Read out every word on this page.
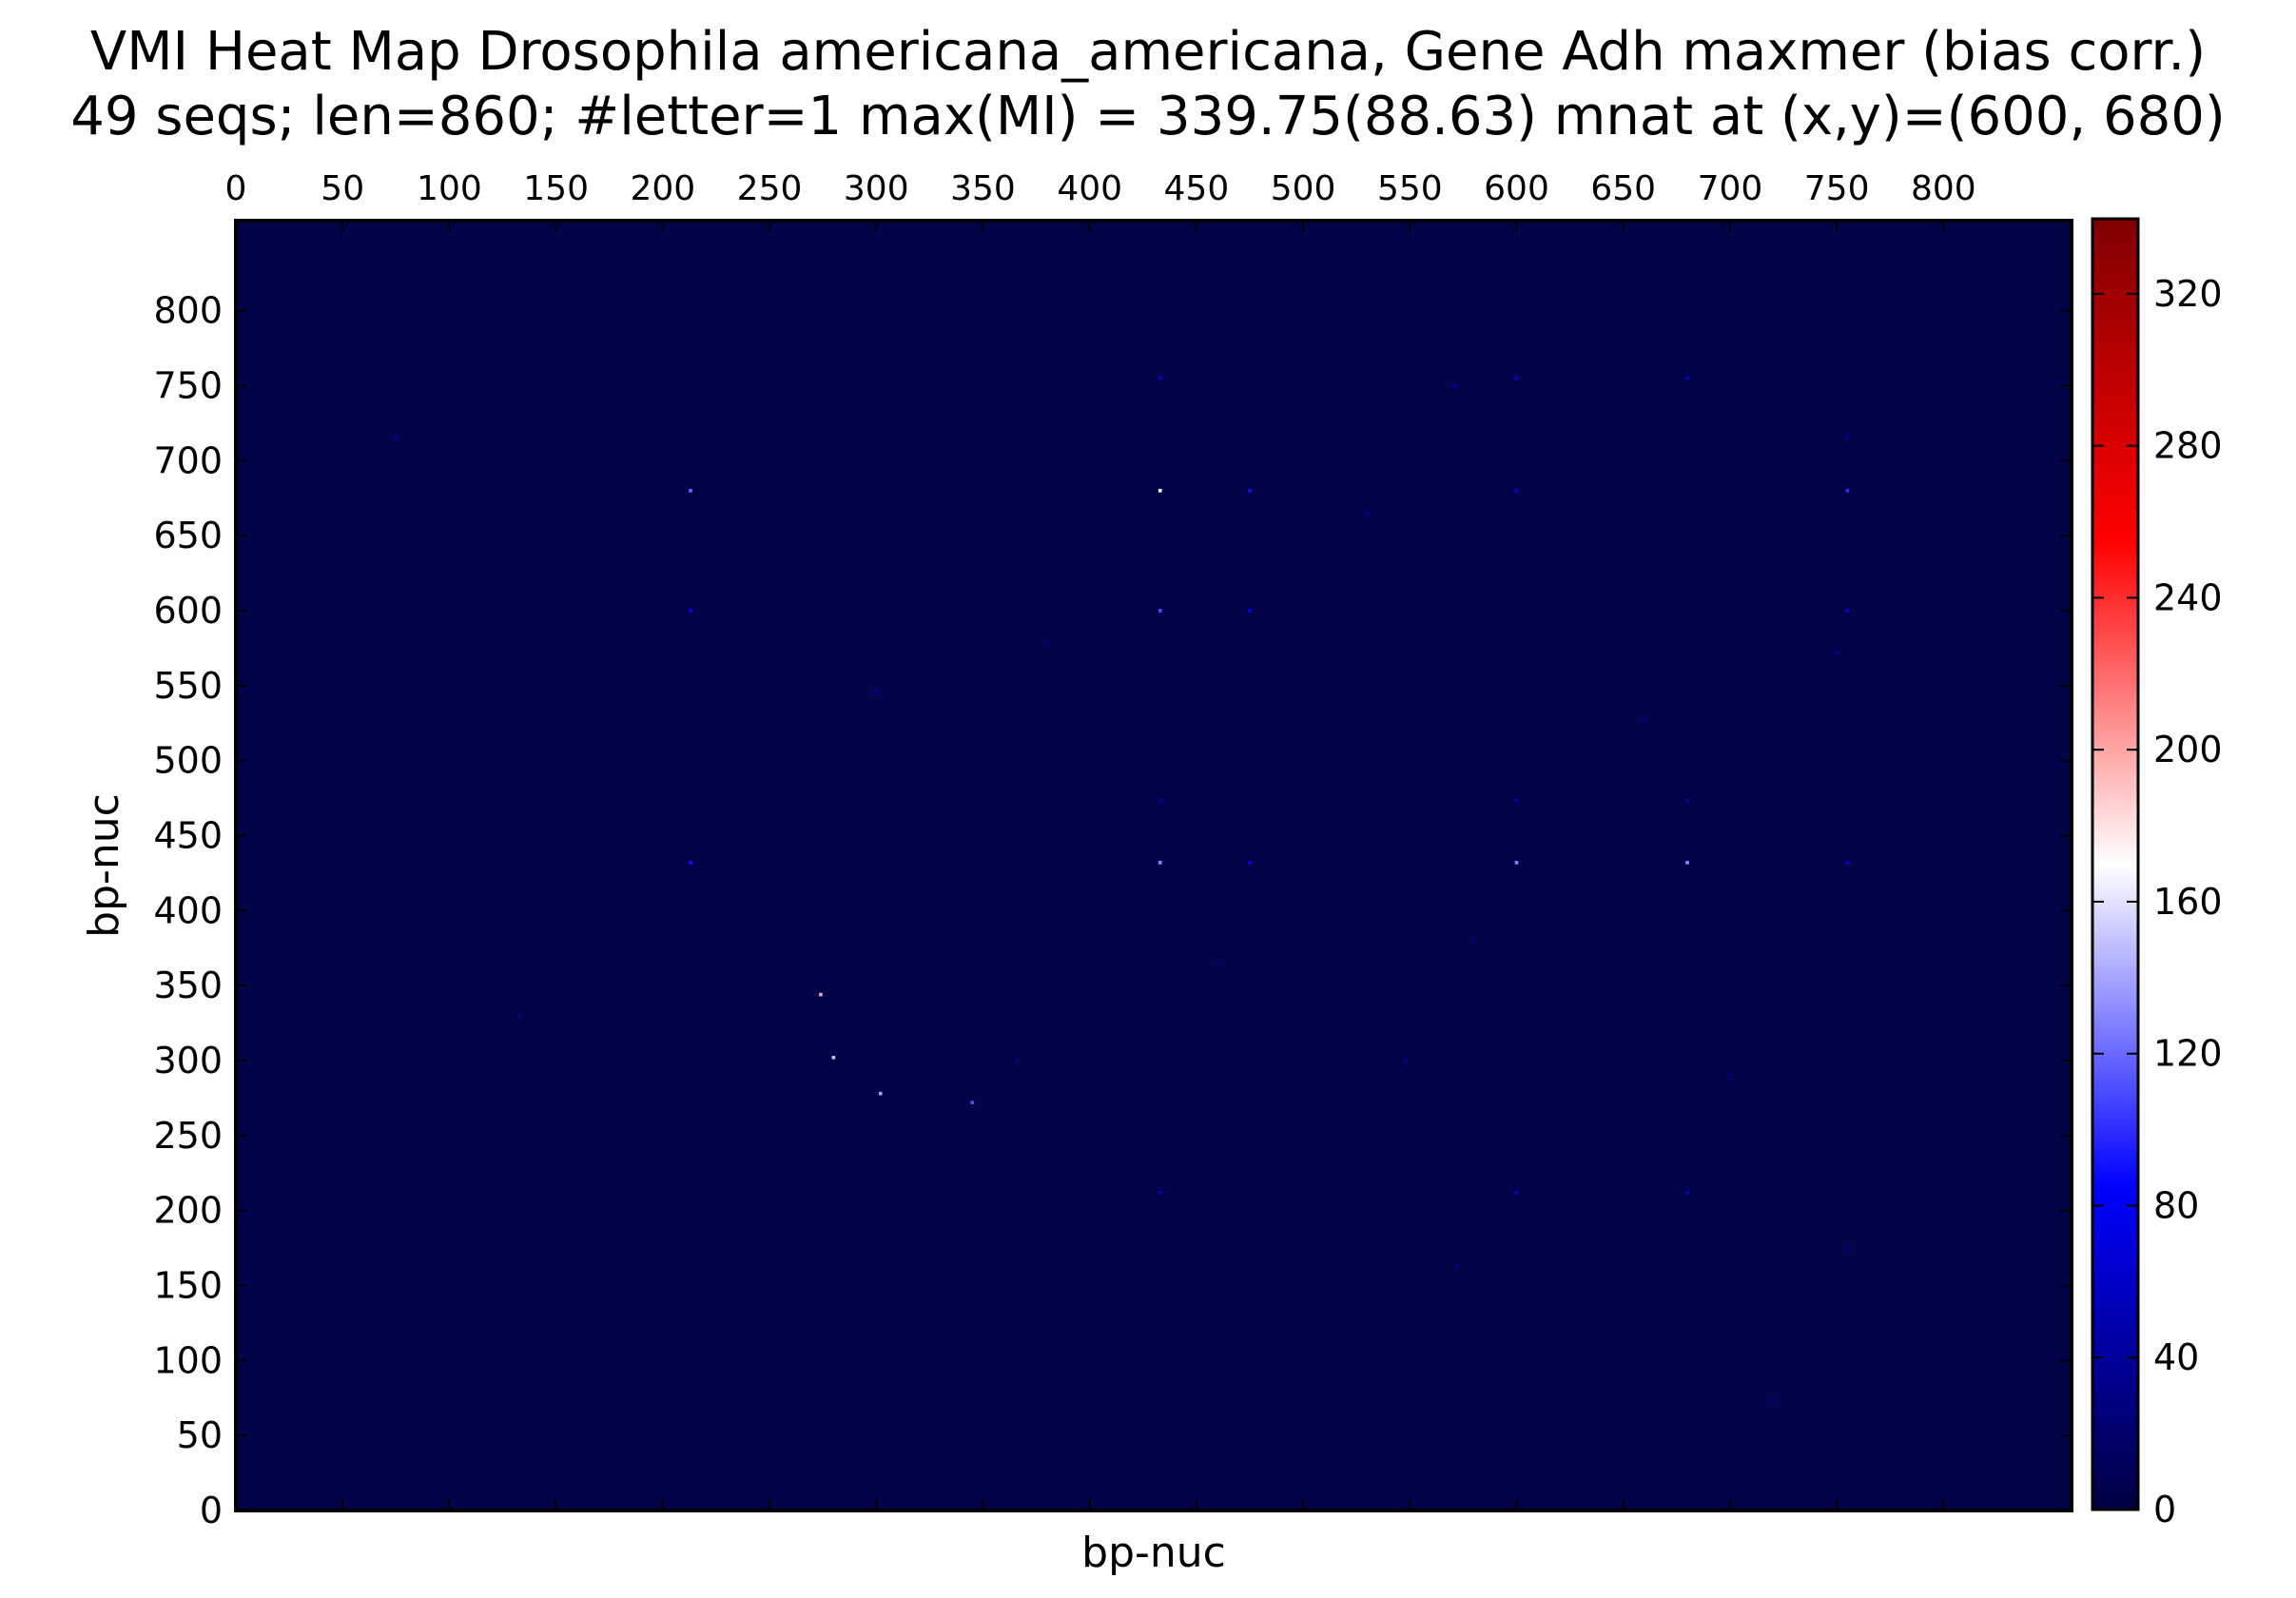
VMI Heat Map Drosophila americana_americana, Gene Adh maxmer (bias corr.)
49 seqs; len=860; #letter=1 max(MI) = 339.75(88.63) mnat at (x,y)=(600, 680)
0 50 100 150 200 250 300 350 400 450 500 550 600 650 700 750 800
0
50
100
150
200
250
300
350
400
450
500
550
600
650
700
750
800
bp-nuc
bp-nuc
0
40
80
120
160
200
240
280
320
